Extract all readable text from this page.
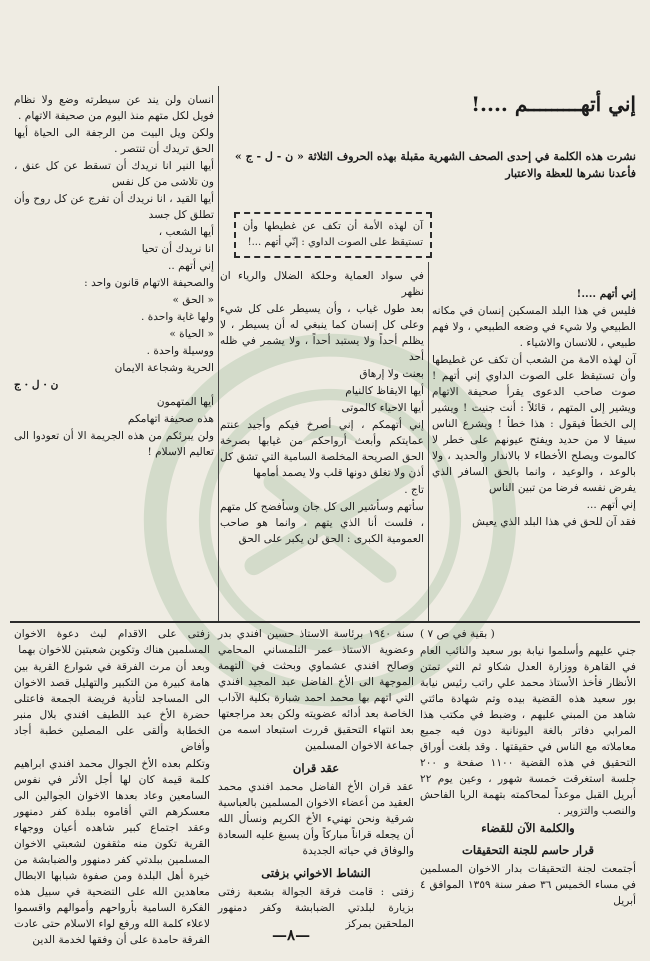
إني أتهـــــــــم ....!
نشرت هذه الكلمة في إحدى الصحف الشهرية مقبلة بهذه الحروف الثلاثة « ن - ل - ج » فأعدنا نشرها للعظة والاعتبار
آن لهذه الأمة أن تكف عن غطيطها وأن تستيقظ على الصوت الداوي : إنّي أتهم ...!

انسان ولن يند عن سيطرته وضع ولا نظام فويل لكل متهم منذ اليوم من صحيفة الاتهام .

ولكن ويل البيت من الرجفة الى الحياة أيها الحق تريدك أن تنتصر .

أيها النير انا نريدك أن تسقط عن كل عنق ، ون تلاشى من كل نفس

أيها القيد ، انا نريدك أن تفرج عن كل روح وأن تطلق كل جسد

أيها الشعب ،

انا نريدك أن تحيا

إني أتهم ..

والصحيفة الاتهام قانون واحد :

« الحق »

ولها غاية واحدة .

« الحياة »

ووسيلة واحدة .

الحرية وشجاعة الايمان

ن · ل · ج

أيها المتهمون

هذه صحيفة اتهامكم

ولن يبرئكم من هذه الجريمة الا أن تعودوا الى تعاليم الاسلام !

في سواد العماية وحلكة الضلال والرياء ان نظهر

بعد طول غياب ، وأن يسيطر على كل شيء وعلى كل إنسان كما ينبغي له أن يسيطر ، لا يظلم أحداً ولا يستبد أحداً ، ولا يشمر في ظله أحد

بعنت ولا إرهاق

أيها الايقاظ كالنيام

أيها الاحياء كالموتى

إني أتهمكم ، إني أصرخ فيكم وأجيد عنتم عمايتكم وأبعث أرواحكم من غيابها بصرخة الحق الصريحة المخلصة السامية التي تشق كل أذن ولا تغلق دونها قلب ولا يصمد أمامها

تاج .

سأتهم وسأشير الى كل جان وسأفضح كل متهم ، فلست أنا الذي يتهم ، وانما هو صاحب العمومية الكبرى : الحق لن يكبر على الحق

إني أتهم ....!

فليس في هذا البلد المسكين إنسان في مكانه الطبيعي ولا شيء في وضعه الطبيعي ، ولا فهم طبيعي ، للانسان والاشياء .

آن لهذه الامة من الشعب أن تكف عن غطيطها وأن تستيقظ على الصوت الداوي إني أتهم ! صوت صاحب الدعوى يقرأ صحيفة الاتهام ويشير إلى المتهم ، قائلاً : أنت جنيت ! ويشير إلى الخطأ فيقول : هذا خطأ ! ويشرع الناس سيفا لا من حديد ويفتح عيونهم على خطر لا كالموت ويصلح الأخطاء لا بالاندار والحديد ، ولا بالوعد ، والوعيد ، وانما بالحق السافر الذي يفرض نفسه فرضا من تبين الناس

إني أتهم ...

فقد آن للحق في هذا البلد الذي يعيش

( بقية في ص ٧ )

جني عليهم وأسلموا نيابة بور سعيد والنائب العام في القاهرة ووزارة العدل شكاو ثم التي تمتن الأنظار فأخذ الأستاذ محمد علي راتب رئيس نيابة بور سعيد هذه القضية بيده وتم شهادة مائتي شاهد من المبني عليهم ، وضبط في مكتب هذا المرابي دفاتر بالغة اليونانية دون فيه جميع معاملاته مع الناس في حقيقتها . وقد بلغت أوراق التحقيق في هذه القضية ١١٠٠ صفحة و ٢٠٠ جلسة استغرقت خمسة شهور ، وعين يوم ٢٢ أبريل القبل موعداً لمحاكمته بتهمة الربا الفاحش والنصب والتزوير .

والكلمة الآن للقضاء

قرار حاسم للجنة التحقيقات

أجتمعت لجنة التحقيقات بدار الاخوان المسلمين في مساء الخميس ٣٦ صفر سنة ١٣٥٩ الموافق ٤ أبريل

سنة ١٩٤٠ برئاسة الاستاذ حسين افندي بدر وعضوية الاستاذ عمر التلمساني المحامي وصالح افندي عشماوي وبحثت في التهمة الموجهة الى الأخ الفاضل عبد المجيد افندي التي اتهم بها محمد احمد شبارة بكلية الآداب الخاصة بعد أدائه عضويته ولكن بعد مراجعتها بعد انتهاء التحقيق قررت استبعاد اسمه من جماعة الاخوان المسلمين

عقد قران

عقد قران الأخ الفاضل محمد افندي محمد العقيد من أعضاء الاخوان المسلمين بالعباسية شرقية ونحن نهنيء الأخ الكريم ونسأل الله أن يجعله قراناً مباركاً وأن يسبغ عليه السعادة والوفاق في حياته الجديدة

النشاط الاخواني بزفتى

زفتى : قامت فرقة الجوالة بشعبة زفتى بزيارة لبلدتي الضبابشة وكفر دمنهور الملحقين بمركز

زفتى على الاقدام لبث دعوة الاخوان المسلمين هناك وتكوين شعبتين للاخوان بهما

وبعد أن مرت الفرقة في شوارع القرية بين هامة كبيرة من التكبير والتهليل قصد الاخوان الى المساجد لتأدية فريضة الجمعة فاعتلى حضرة الأخ عبد اللطيف افندي بلال منبر الخطابة وألقى على المصلين خطبة أجاد وأفاض

وتكلم بعده الأخ الجوال محمد افندي ابراهيم كلمة قيمة كان لها أجل الأثر في نفوس السامعين وعاد بعدها الاخوان الجوالين الى معسكرهم التي أقاموه ببلدة كفر دمنهور وعقد اجتماع كبير شاهده أعيان ووجهاء القرية تكون منه مثقفون لشعبتي الاخوان المسلمين ببلدتي كفر دمنهور والضبابشة من خيرة أهل البلدة ومن صفوة شبابها الابطال معاهدين الله على التضحية في سبيل هذه الفكرة السامية بأرواحهم وأموالهم واقسموا لاعلاء كلمة الله ورفع لواء الاسلام حتى عادت الفرقة حامدة على أن وفقها لخدمة الدين	—٨—
